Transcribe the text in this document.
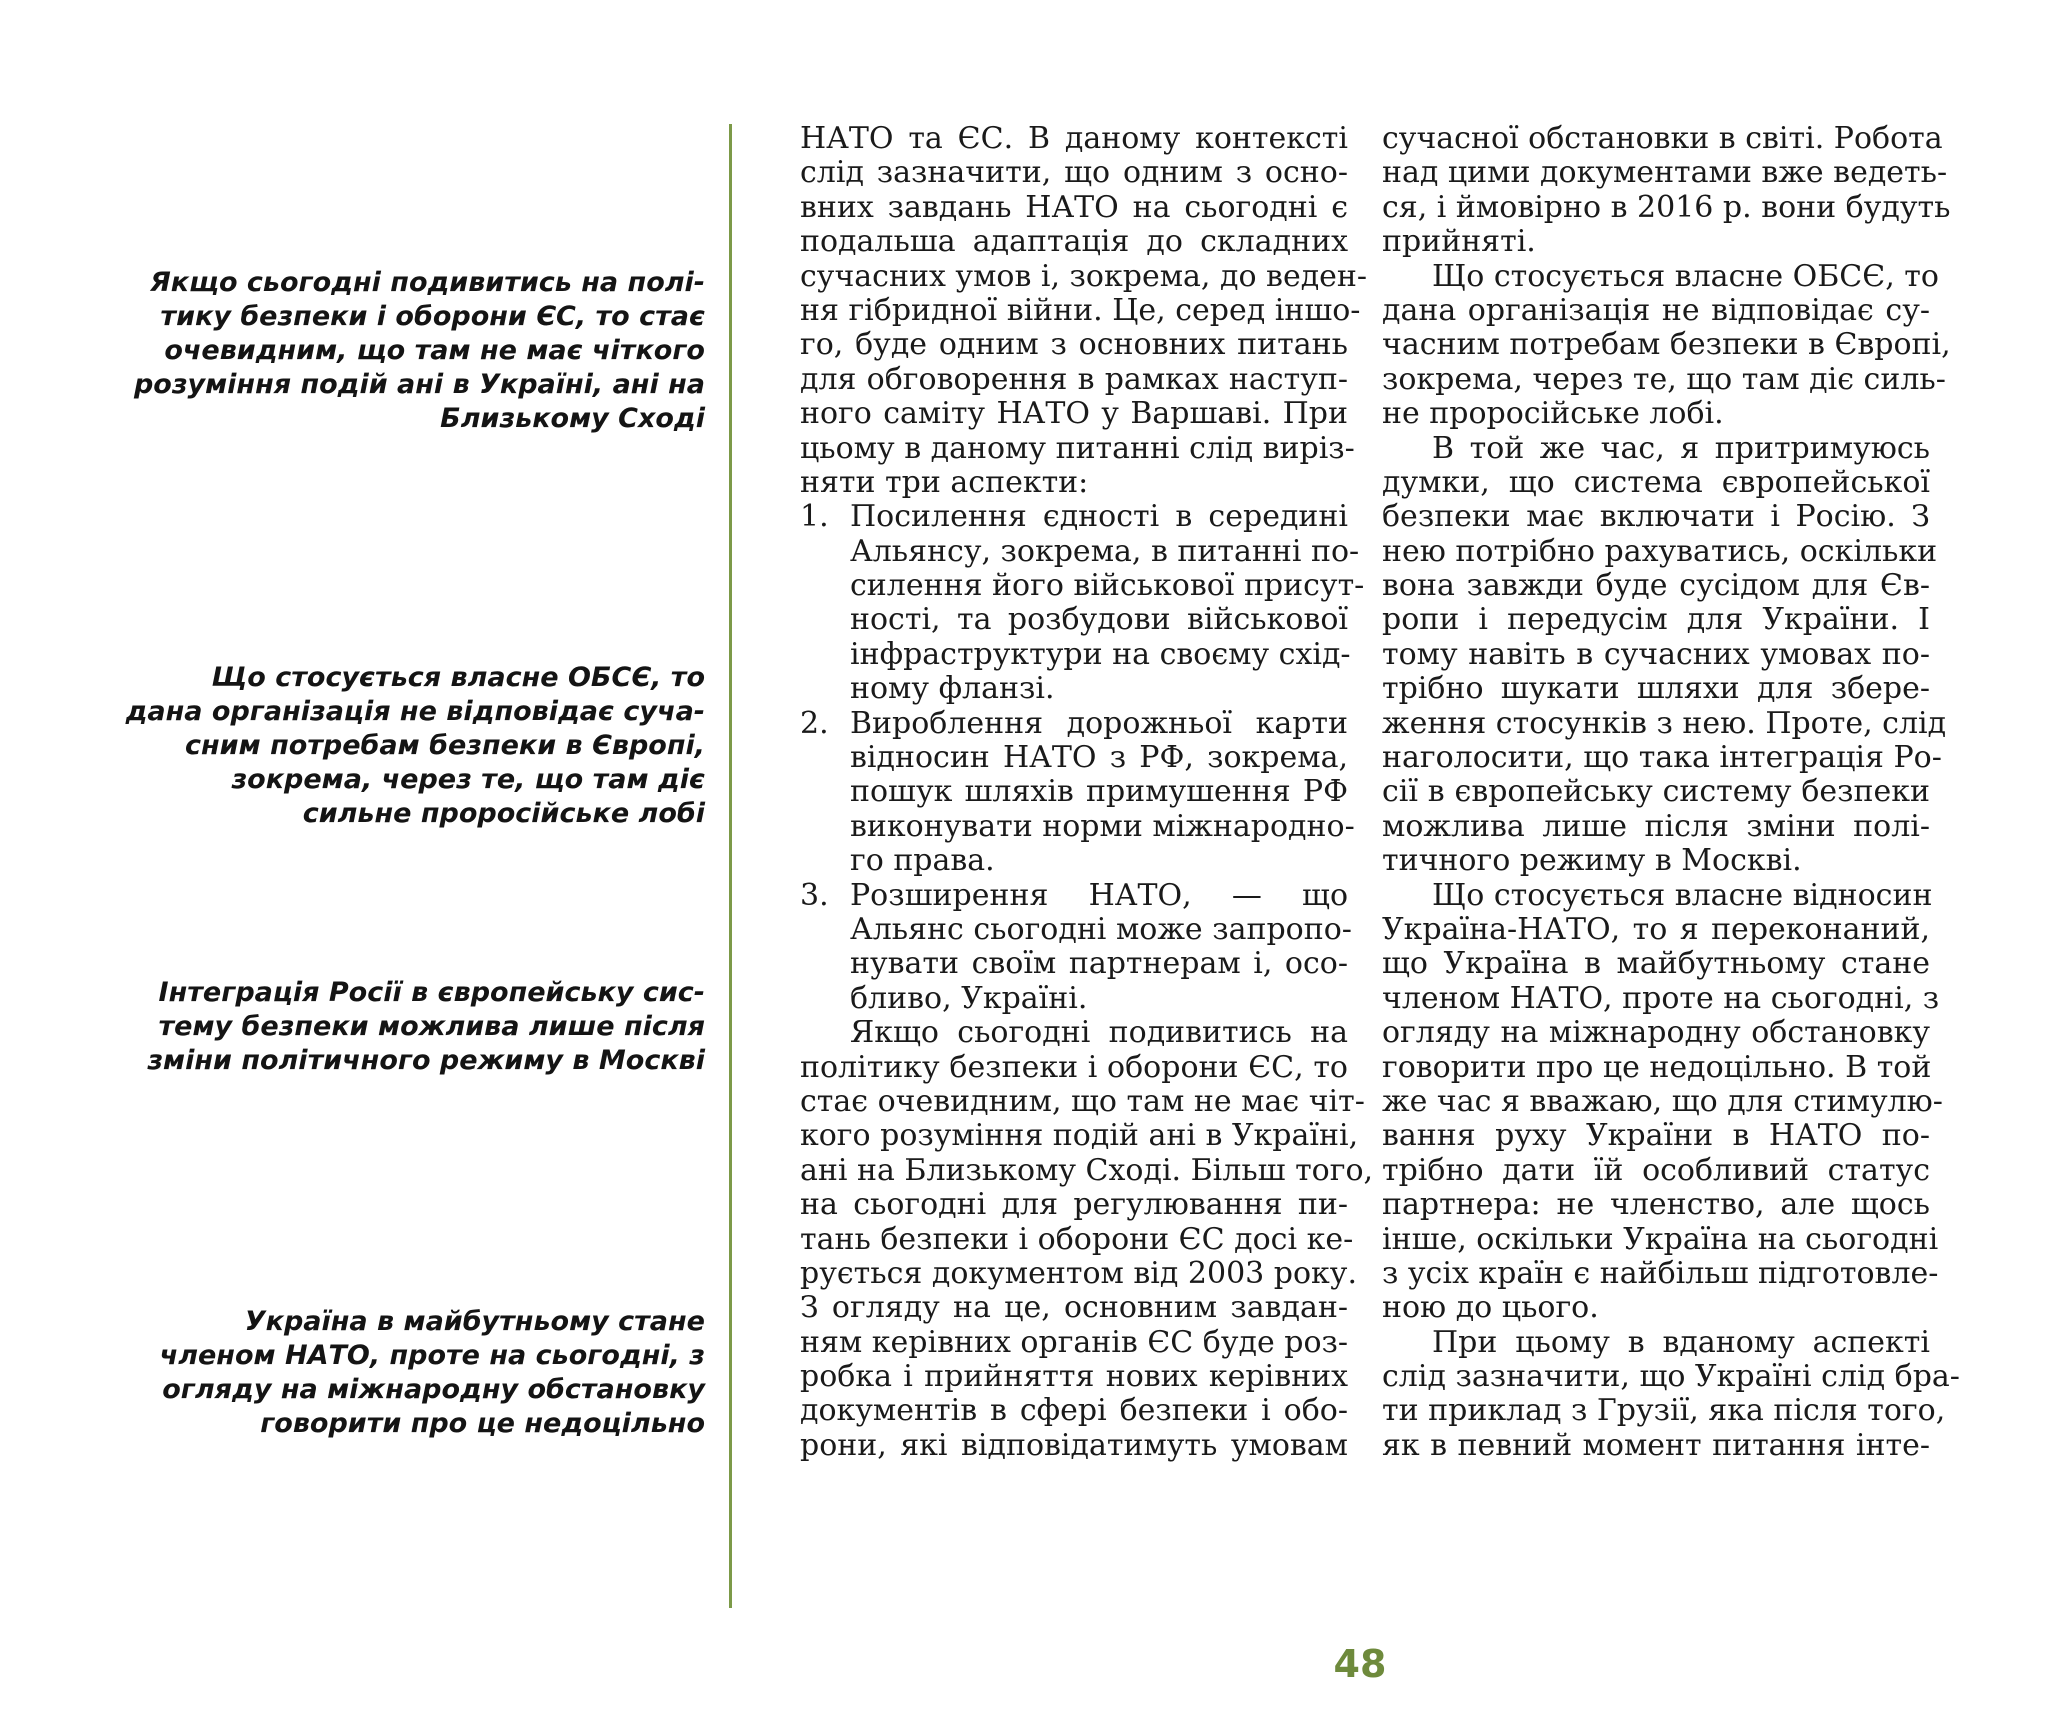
Якщо сьогодні подивитись на полі-
тику безпеки і оборони ЄС, то стає
очевидним, що там не має чіткого
розуміння подій ані в Україні, ані на
Близькому Сході
Що стосується власне ОБСЄ, то
дана організація не відповідає суча-
сним потребам безпеки в Європі,
зокрема, через те, що там діє
сильне проросійське лобі
Інтеграція Росії в європейську сис-
тему безпеки можлива лише після
зміни політичного режиму в Москві
Україна в майбутньому стане
членом НАТО, проте на сьогодні, з
огляду на міжнародну обстановку
говорити про це недоцільно
НАТО та ЄС. В даному контексті
слід зазначити, що одним з осно-
вних завдань НАТО на сьогодні є
подальша адаптація до складних
сучасних умов і, зокрема, до веден-
ня гібридної війни. Це, серед іншо-
го, буде одним з основних питань
для обговорення в рамках наступ-
ного саміту НАТО у Варшаві. При
цьому в даному питанні слід вирiз-
няти три аспекти:
1. Посилення єдності в середині
Альянсу, зокрема, в питанні по-
силення його військової присут-
ності, та розбудови військової
інфраструктури на своєму схід-
ному фланзі.
2. Вироблення дорожньої карти
відносин НАТО з РФ, зокрема,
пошук шляхів примушення РФ
виконувати норми міжнародно-
го права.
3. Розширення НАТО, — що
Альянс сьогодні може запропо-
нувати своїм партнерам і, осо-
бливо, Україні.
Якщо сьогодні подивитись на
політику безпеки і оборони ЄС, то
стає очевидним, що там не має чіт-
кого розуміння подій ані в Україні,
ані на Близькому Сході. Більш того,
на сьогодні для регулювання пи-
тань безпеки і оборони ЄС досі ке-
рується документом від 2003 року.
З огляду на це, основним завдан-
ням керівних органів ЄС буде роз-
робка і прийняття нових керівних
документів в сфері безпеки і обо-
рони, які відповідатимуть умовам
сучасної обстановки в світі. Робота
над цими документами вже ведеть-
ся, і ймовірно в 2016 р. вони будуть
прийняті.
Що стосується власне ОБСЄ, то
дана організація не відповідає су-
часним потребам безпеки в Європі,
зокрема, через те, що там діє силь-
не проросійське лобі.
В той же час, я притримуюсь
думки, що система європейської
безпеки має включати і Росію. З
нею потрібно рахуватись, оскільки
вона завжди буде сусідом для Єв-
ропи і передусім для України. І
тому навіть в сучасних умовах по-
трібно шукати шляхи для збере-
ження стосунків з нею. Проте, слід
наголосити, що така інтеграція Ро-
сії в європейську систему безпеки
можлива лише після зміни полі-
тичного режиму в Москві.
Що стосується власне відносин
Україна-НАТО, то я переконаний,
що Україна в майбутньому стане
членом НАТО, проте на сьогодні, з
огляду на міжнародну обстановку
говорити про це недоцільно. В той
же час я вважаю, що для стимулю-
вання руху України в НАТО по-
трібно дати їй особливий статус
партнера: не членство, але щось
інше, оскільки Україна на сьогодні
з усіх країн є найбільш підготовле-
ною до цього.
При цьому в вданому аспекті
слід зазначити, що Україні слід бра-
ти приклад з Грузії, яка після того,
як в певний момент питання інте-
48
